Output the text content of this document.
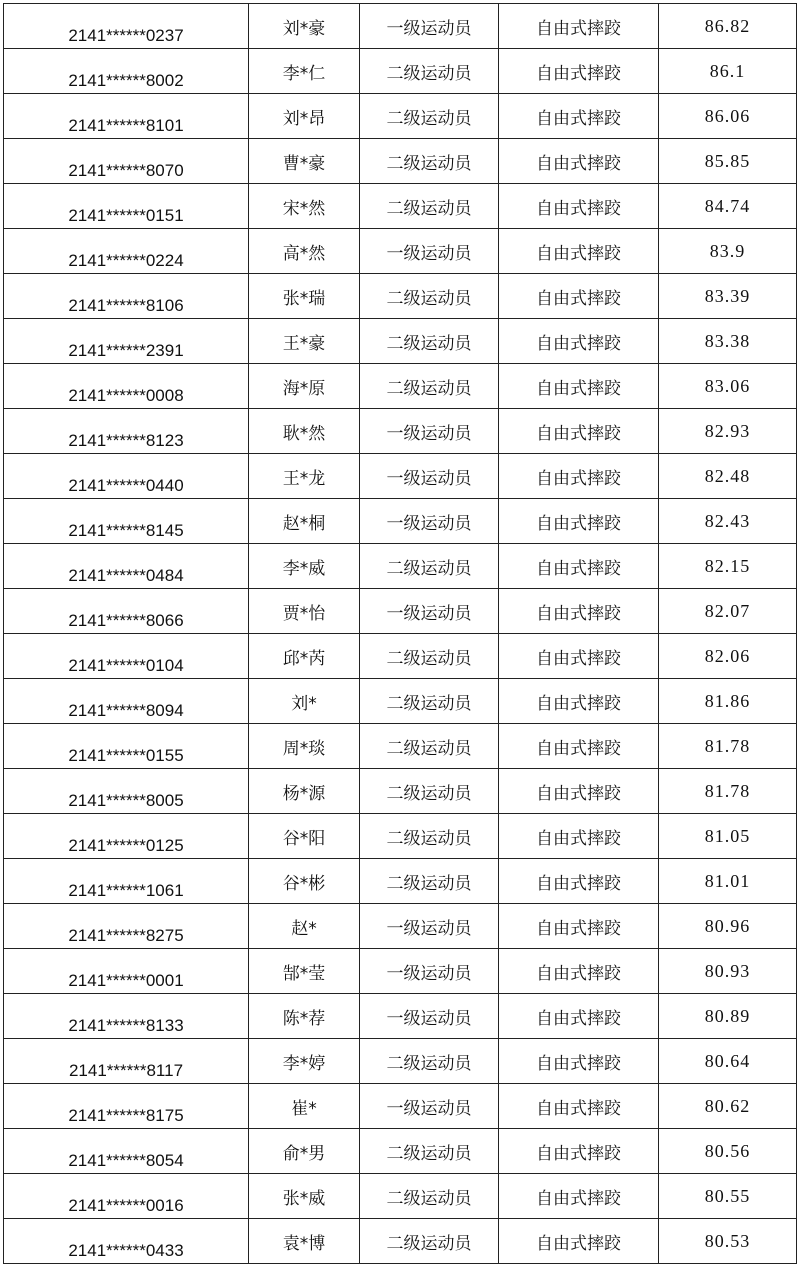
2141******0237	刘*豪	一级运动员	自由式摔跤	86.82
2141******8002	李*仁	二级运动员	自由式摔跤	86.1
2141******8101	刘*昂	二级运动员	自由式摔跤	86.06
2141******8070	曹*豪	二级运动员	自由式摔跤	85.85
2141******0151	宋*然	二级运动员	自由式摔跤	84.74
2141******0224	高*然	一级运动员	自由式摔跤	83.9
2141******8106	张*瑞	二级运动员	自由式摔跤	83.39
2141******2391	王*豪	二级运动员	自由式摔跤	83.38
2141******0008	海*原	二级运动员	自由式摔跤	83.06
2141******8123	耿*然	一级运动员	自由式摔跤	82.93
2141******0440	王*龙	一级运动员	自由式摔跤	82.48
2141******8145	赵*桐	一级运动员	自由式摔跤	82.43
2141******0484	李*威	二级运动员	自由式摔跤	82.15
2141******8066	贾*怡	一级运动员	自由式摔跤	82.07
2141******0104	邱*芮	二级运动员	自由式摔跤	82.06
2141******8094	刘*	二级运动员	自由式摔跤	81.86
2141******0155	周*琰	二级运动员	自由式摔跤	81.78
2141******8005	杨*源	二级运动员	自由式摔跤	81.78
2141******0125	谷*阳	二级运动员	自由式摔跤	81.05
2141******1061	谷*彬	二级运动员	自由式摔跤	81.01
2141******8275	赵*	一级运动员	自由式摔跤	80.96
2141******0001	郜*莹	一级运动员	自由式摔跤	80.93
2141******8133	陈*荐	一级运动员	自由式摔跤	80.89
2141******8117	李*婷	二级运动员	自由式摔跤	80.64
2141******8175	崔*	一级运动员	自由式摔跤	80.62
2141******8054	俞*男	二级运动员	自由式摔跤	80.56
2141******0016	张*威	二级运动员	自由式摔跤	80.55
2141******0433	袁*博	二级运动员	自由式摔跤	80.53
